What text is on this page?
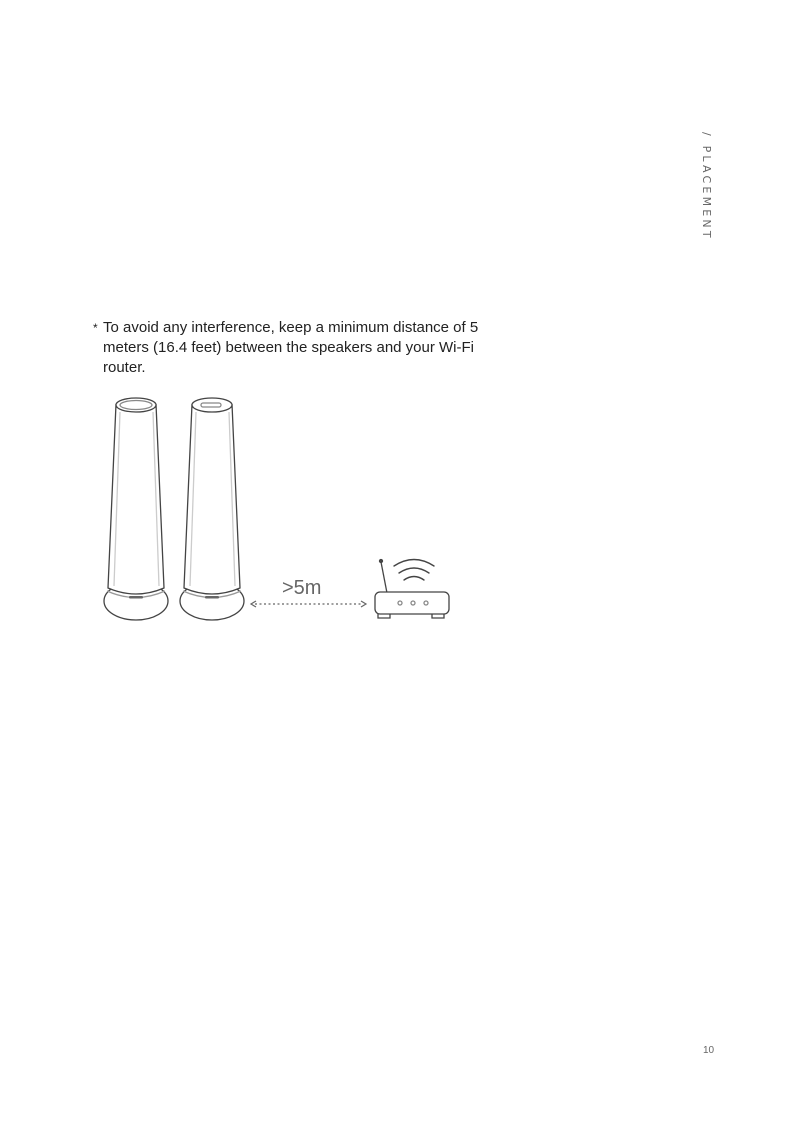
/ PLACEMENT
* To avoid any interference, keep a minimum distance of 5 meters (16.4 feet) between the speakers and your Wi-Fi router.
>5m
10
